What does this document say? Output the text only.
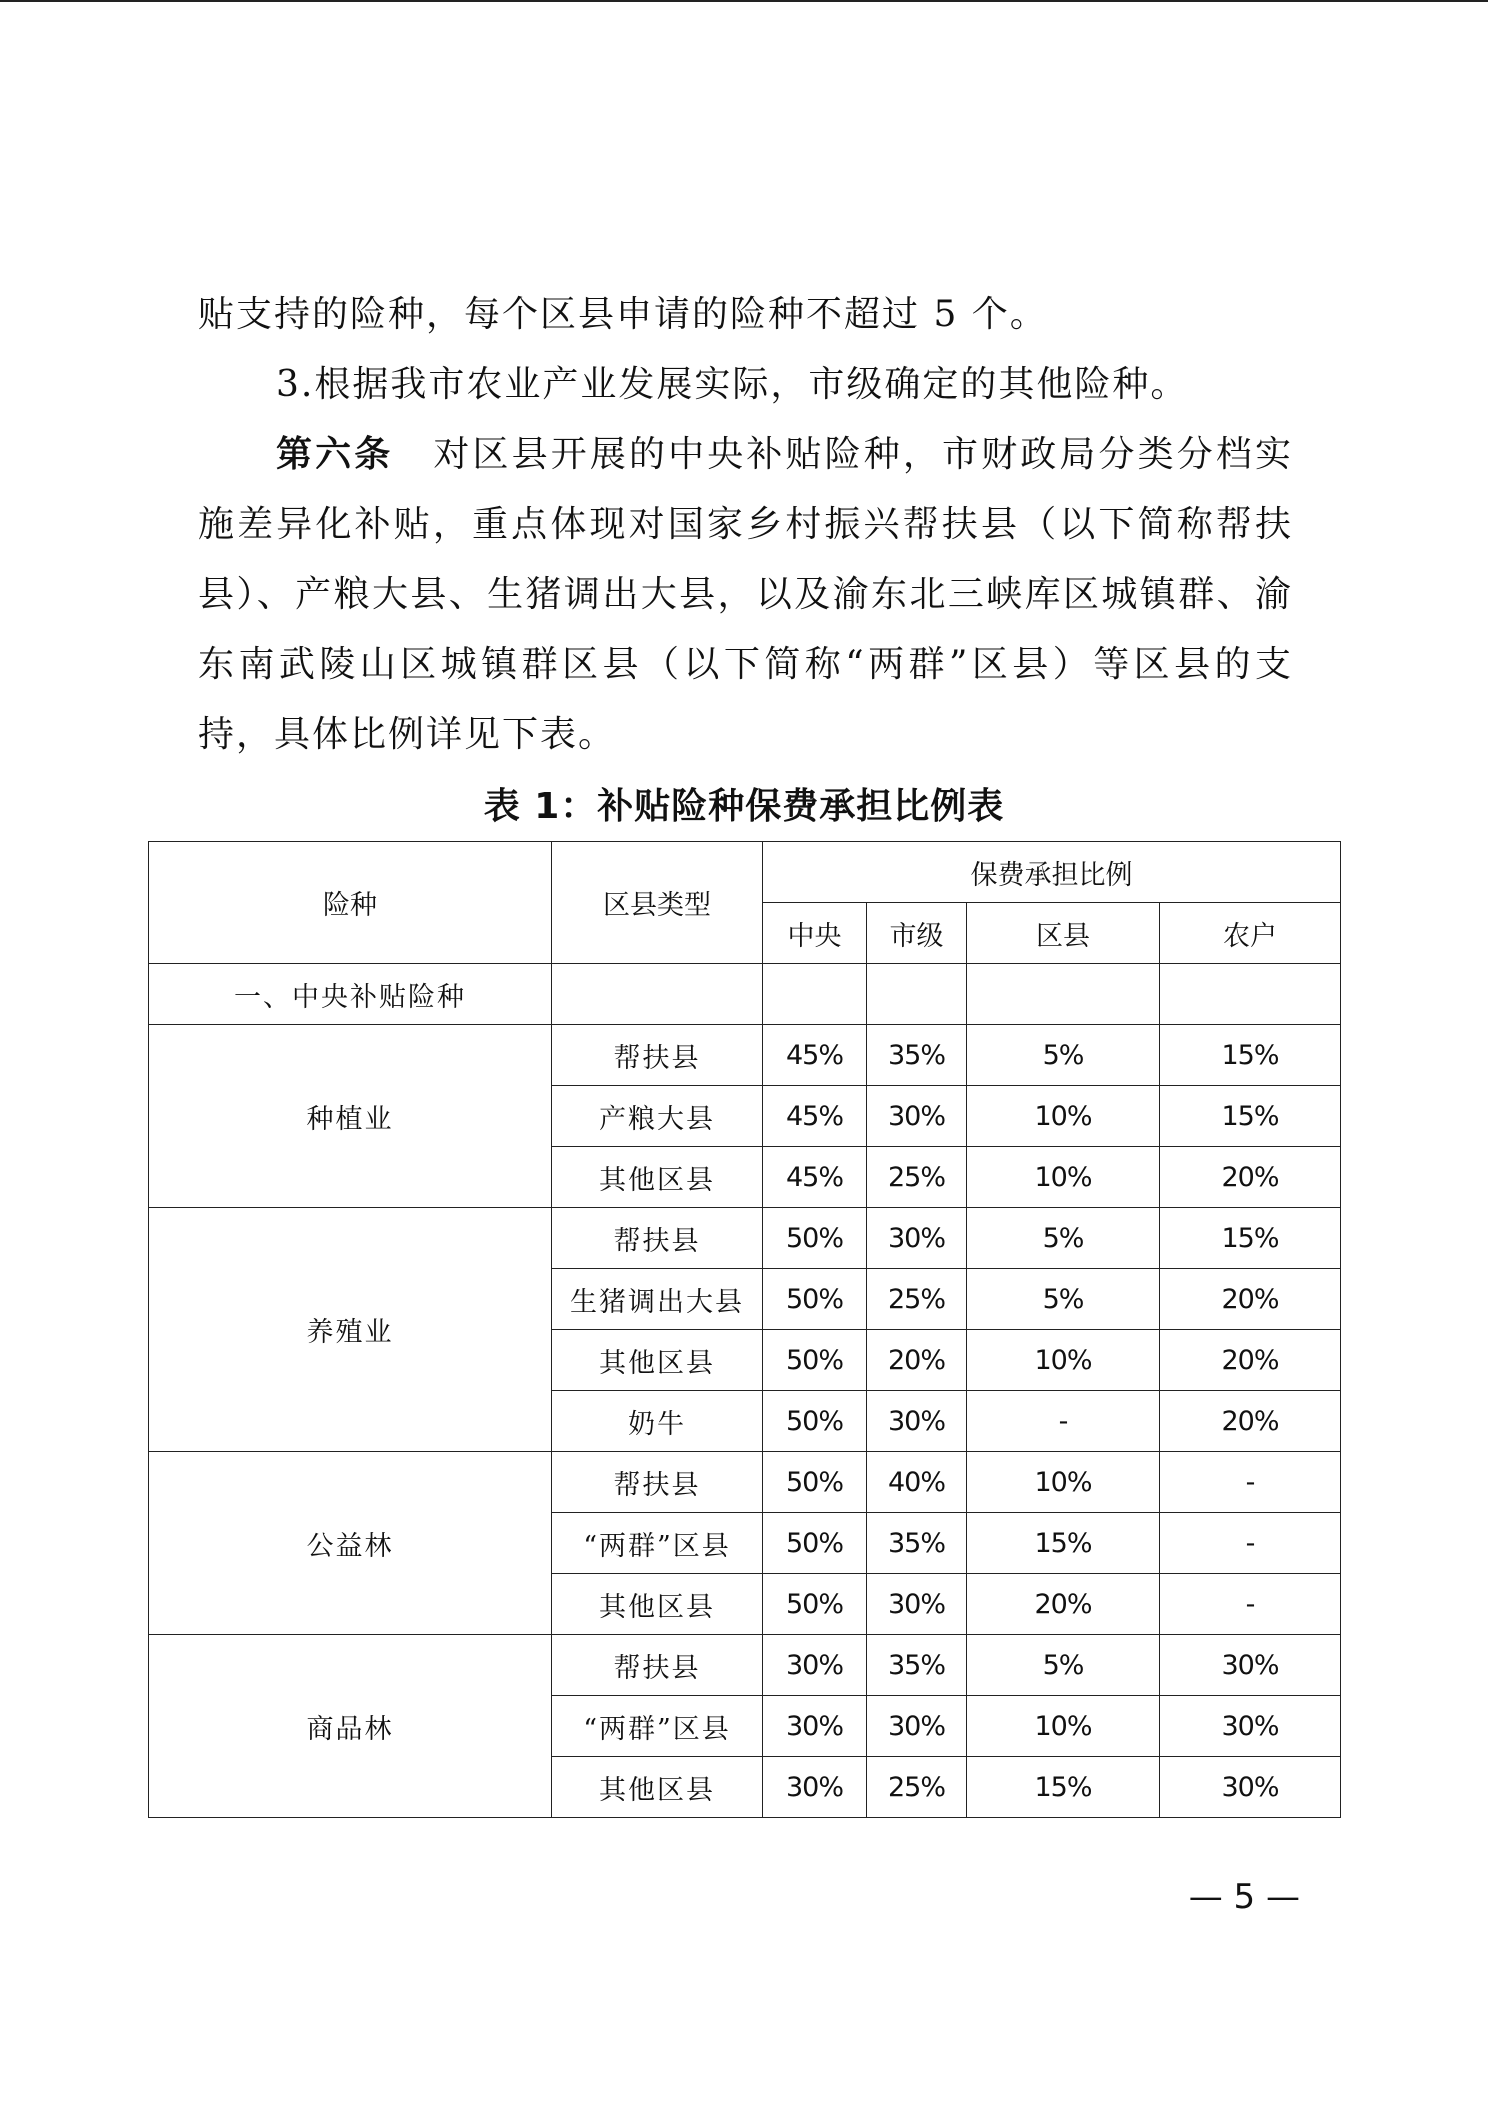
贴支持的险种，每个区县申请的险种不超过 5 个。

3.根据我市农业产业发展实际，市级确定的其他险种。

第六条 对区县开展的中央补贴险种，市财政局分类分档实施差异化补贴，重点体现对国家乡村振兴帮扶县（以下简称帮扶县）、产粮大县、生猪调出大县，以及渝东北三峡库区城镇群、渝东南武陵山区城镇群区县（以下简称“两群”区县）等区县的支持，具体比例详见下表。

表 1：补贴险种保费承担比例表
险种	区县类型	保费承担比例			
		中央	市级	区县	农户
一、中央补贴险种					
种植业	帮扶县	45%	35%	5%	15%
	产粮大县	45%	30%	10%	15%
	其他区县	45%	25%	10%	20%
养殖业	帮扶县	50%	30%	5%	15%
	生猪调出大县	50%	25%	5%	20%
	其他区县	50%	20%	10%	20%
	奶牛	50%	30%	-	20%
公益林	帮扶县	50%	40%	10%	-
	“两群”区县	50%	35%	15%	-
	其他区县	50%	30%	20%	-
商品林	帮扶县	30%	35%	5%	30%
	“两群”区县	30%	30%	10%	30%
	其他区县	30%	25%	15%	30%
— 5 —
